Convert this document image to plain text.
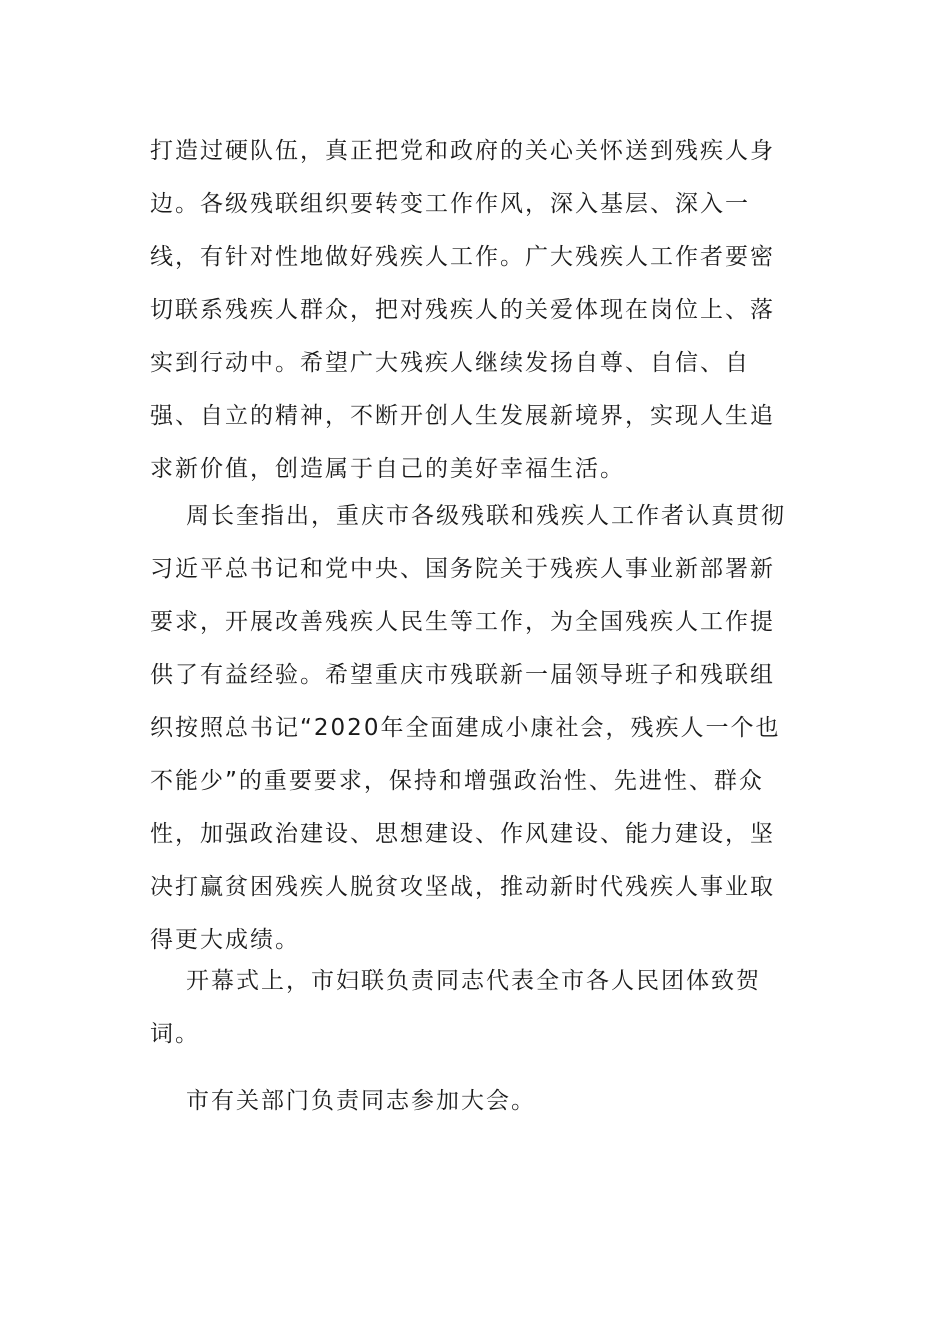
打造过硬队伍，真正把党和政府的关心关怀送到残疾人身
边。各级残联组织要转变工作作风，深入基层、深入一
线，有针对性地做好残疾人工作。广大残疾人工作者要密
切联系残疾人群众，把对残疾人的关爱体现在岗位上、落
实到行动中。希望广大残疾人继续发扬自尊、自信、自
强、自立的精神，不断开创人生发展新境界，实现人生追
求新价值，创造属于自己的美好幸福生活。
周长奎指出，重庆市各级残联和残疾人工作者认真贯彻
习近平总书记和党中央、国务院关于残疾人事业新部署新
要求，开展改善残疾人民生等工作，为全国残疾人工作提
供了有益经验。希望重庆市残联新一届领导班子和残联组
织按照总书记“2020年全面建成小康社会，残疾人一个也
不能少”的重要要求，保持和增强政治性、先进性、群众
性，加强政治建设、思想建设、作风建设、能力建设，坚
决打赢贫困残疾人脱贫攻坚战，推动新时代残疾人事业取
得更大成绩。
开幕式上，市妇联负责同志代表全市各人民团体致贺
词。
市有关部门负责同志参加大会。
